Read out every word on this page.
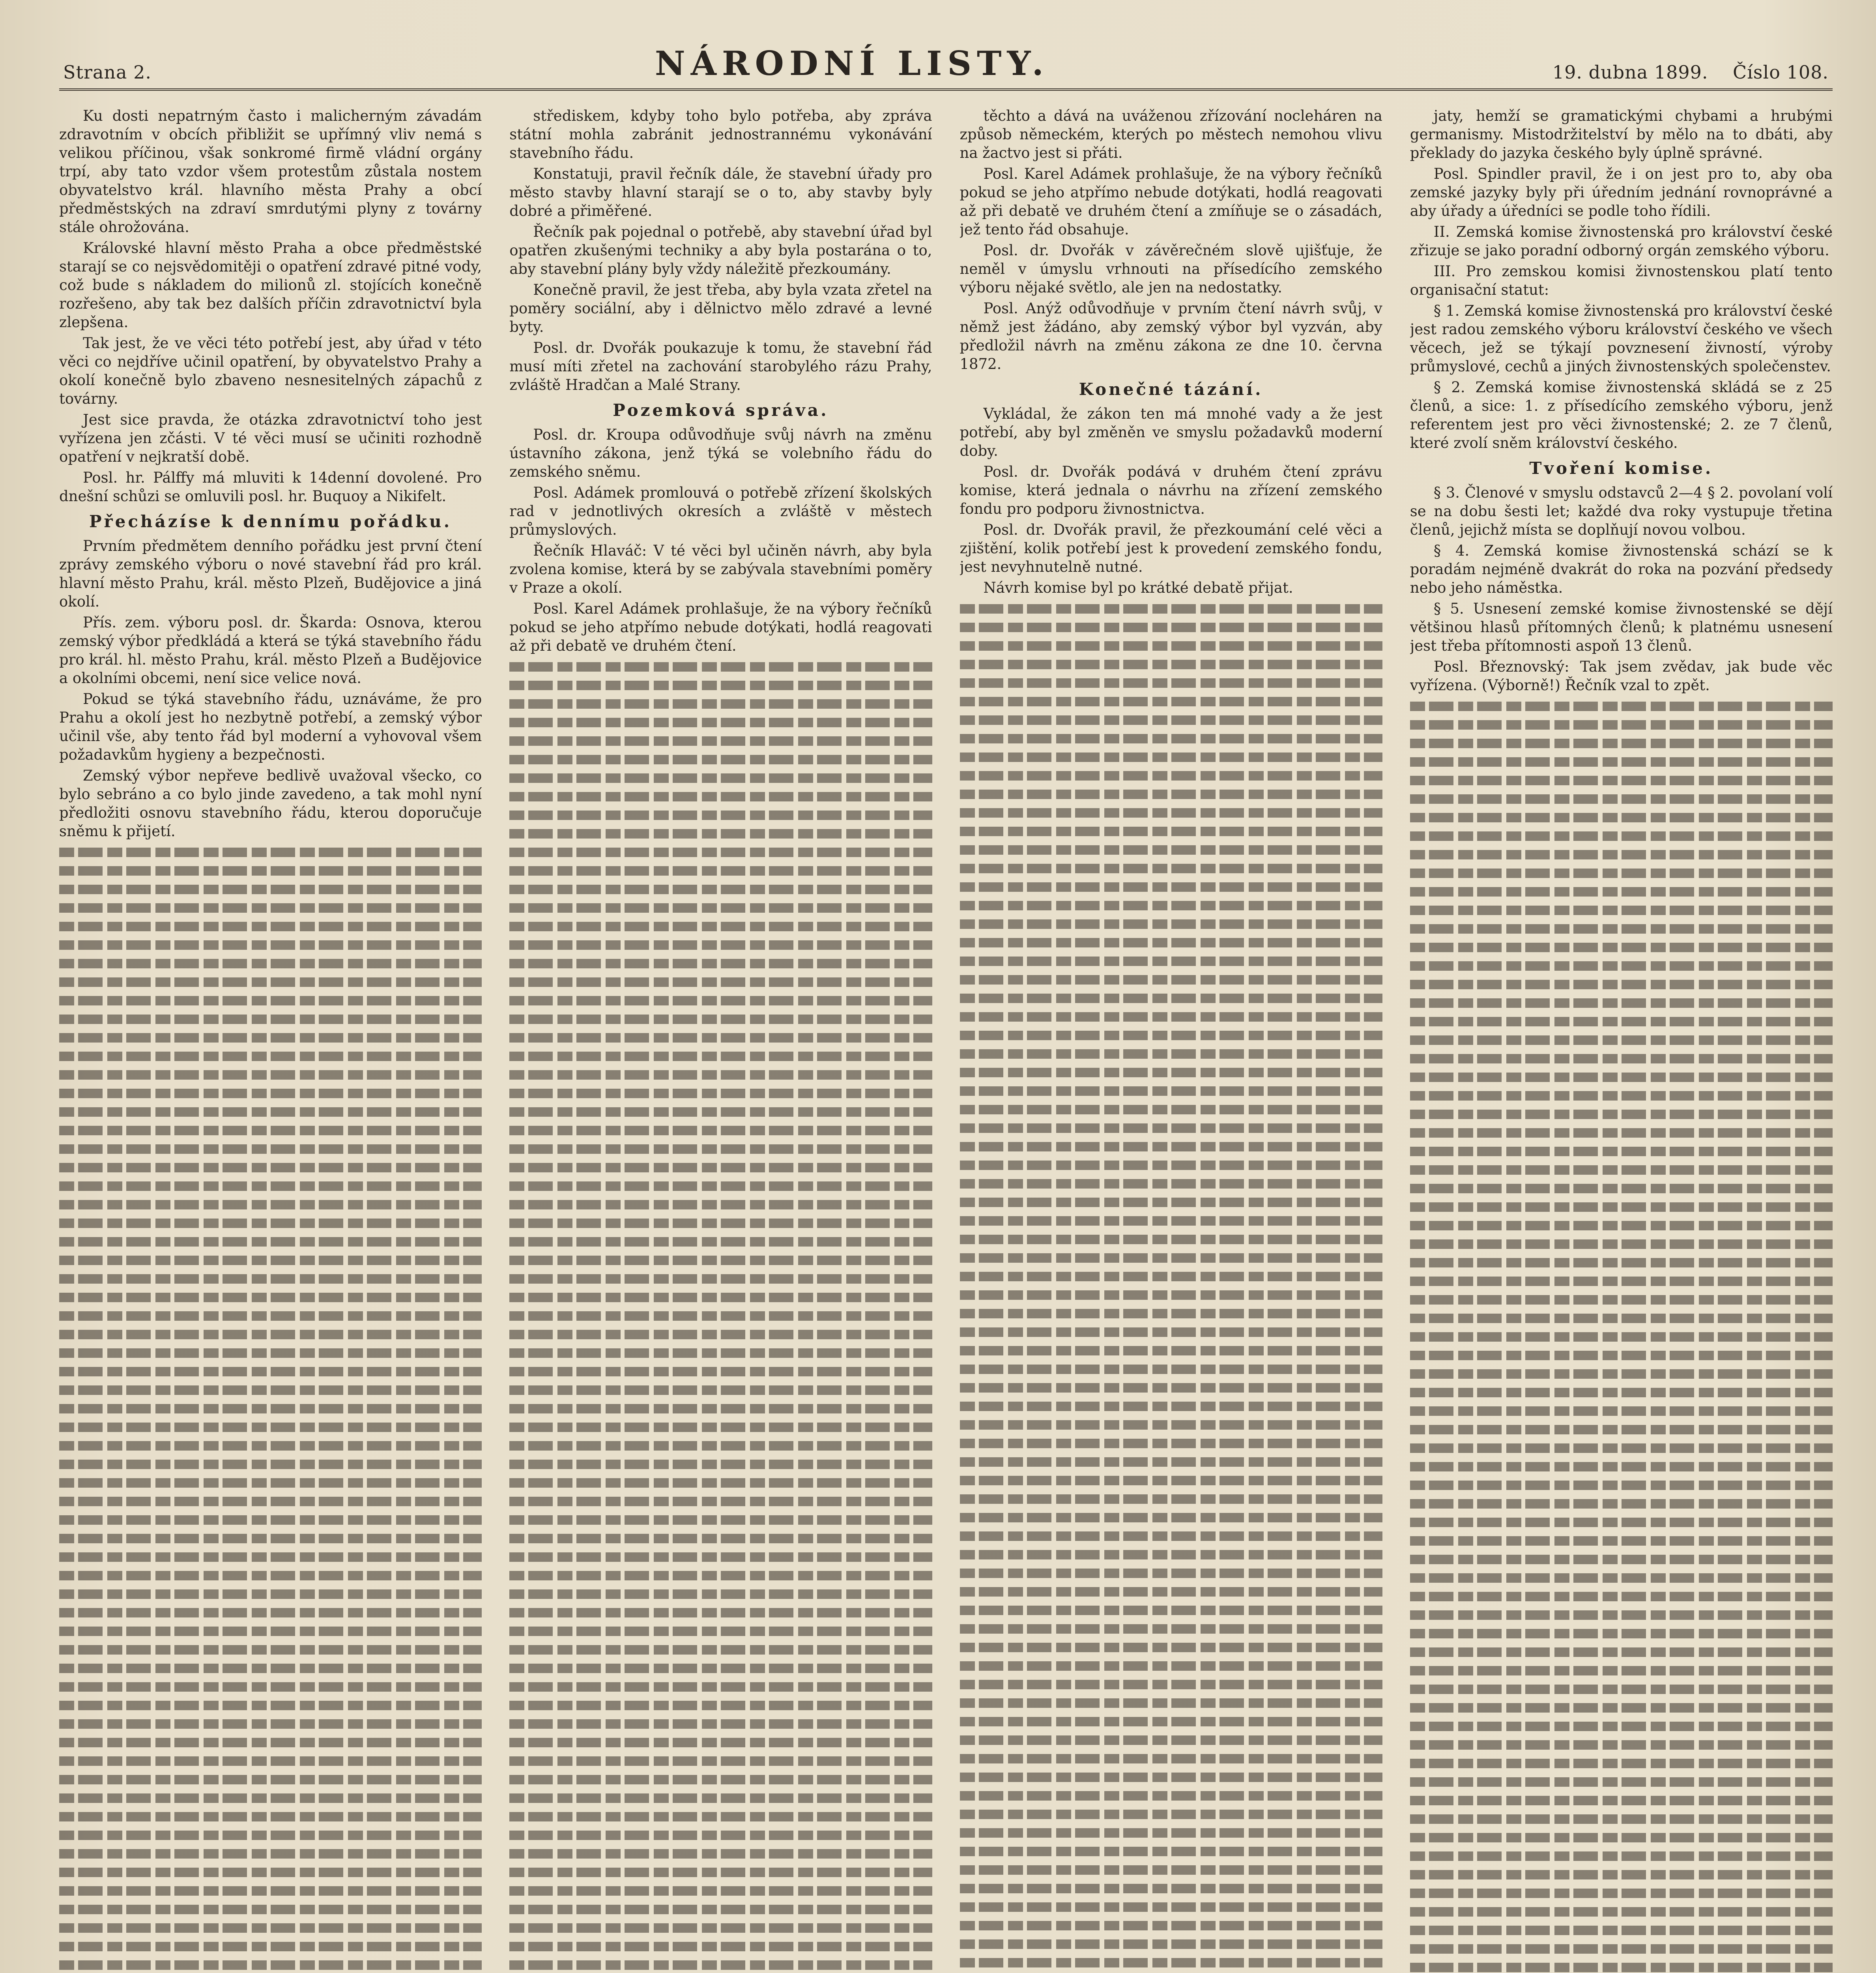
Strana 2.	NÁRODNÍ LISTY.	19. dubna 1899. Číslo 108.

Ku dosti nepatrným často i malicherným závadám zdravotním v obcích přibližit se upřímný vliv nemá s velikou příčinou, však sonkromé firmě vládní orgány trpí, aby tato vzdor všem protestům zůstala nostem obyvatelstvo král. hlavního města Prahy a obcí předměstských na zdraví smrdutými plyny z továrny stále ohrožována.

Královské hlavní město Praha a obce předměstské starají se co nejsvědomitěji o opatření zdravé pitné vody, což bude s nákladem do milionů zl. stojících konečně rozřešeno, aby tak bez dalších příčin zdravotnictví byla zlepšena.

Tak jest, že ve věci této potřebí jest, aby úřad v této věci co nejdříve učinil opatření, by obyvatelstvo Prahy a okolí konečně bylo zbaveno nesnesitelných zápachů z továrny.

Jest sice pravda, že otázka zdravotnictví toho jest vyřízena jen zčásti. V té věci musí se učiniti rozhodně opatření v nejkratší době.

Posl. hr. Pálffy má mluviti k 14denní dovolené. Pro dnešní schůzi se omluvili posl. hr. Buquoy a Nikifelt.

Přecházíse k dennímu pořádku.

Prvním předmětem denního pořádku jest první čtení zprávy zemského výboru o nové stavební řád pro král. hlavní město Prahu, král. město Plzeň, Budějovice a jiná okolí.

Přís. zem. výboru posl. dr. Škarda: Osnova, kterou zemský výbor předkládá a která se týká stavebního řádu pro král. hl. město Prahu, král. město Plzeň a Budějovice a okolními obcemi, není sice velice nová.

Pokud se týká stavebního řádu, uznáváme, že pro Prahu a okolí jest ho nezbytně potřebí, a zemský výbor učinil vše, aby tento řád byl moderní a vyhovoval všem požadavkům hygieny a bezpečnosti.

Zemský výbor nepřeve bedlivě uvažoval všecko, co bylo sebráno a co bylo jinde zavedeno, a tak mohl nyní předložiti osnovu stavebního řádu, kterou doporučuje sněmu k přijetí.

střediskem, kdyby toho bylo potřeba, aby zpráva státní mohla zabránit jednostrannému vykonávání stavebního řádu.

Konstatuji, pravil řečník dále, že stavební úřady pro město stavby hlavní starají se o to, aby stavby byly dobré a přiměřené.

Řečník pak pojednal o potřebě, aby stavební úřad byl opatřen zkušenými techniky a aby byla postarána o to, aby stavební plány byly vždy náležitě přezkoumány.

Konečně pravil, že jest třeba, aby byla vzata zřetel na poměry sociální, aby i dělnictvo mělo zdravé a levné byty.

Posl. dr. Dvořák poukazuje k tomu, že stavební řád musí míti zřetel na zachování starobylého rázu Prahy, zvláště Hradčan a Malé Strany.

Pozemková správa.

Posl. dr. Kroupa odůvodňuje svůj návrh na změnu ústavního zákona, jenž týká se volebního řádu do zemského sněmu.

Posl. Adámek promlouvá o potřebě zřízení školských rad v jednotlivých okresích a zvláště v městech průmyslových.

Řečník Hlaváč: V té věci byl učiněn návrh, aby byla zvolena komise, která by se zabývala stavebními poměry v Praze a okolí.

Posl. Karel Adámek prohlašuje, že na výbory řečníků pokud se jeho atpřímo nebude dotýkati, hodlá reagovati až při debatě ve druhém čtení.

těchto a dává na uváženou zřízování nocleháren na způsob německém, kterých po městech nemohou vlivu na žactvo jest si přáti.

Posl. Karel Adámek prohlašuje, že na výbory řečníků pokud se jeho atpřímo nebude dotýkati, hodlá reagovati až při debatě ve druhém čtení a zmíňuje se o zásadách, jež tento řád obsahuje.

Posl. dr. Dvořák v závěrečném slově ujišťuje, že neměl v úmyslu vrhnouti na přísedícího zemského výboru nějaké světlo, ale jen na nedostatky.

Posl. Anýž odůvodňuje v prvním čtení návrh svůj, v němž jest žádáno, aby zemský výbor byl vyzván, aby předložil návrh na změnu zákona ze dne 10. června 1872.

Konečné tázání.

Vykládal, že zákon ten má mnohé vady a že jest potřebí, aby byl změněn ve smyslu požadavků moderní doby.

Posl. dr. Dvořák podává v druhém čtení zprávu komise, která jednala o návrhu na zřízení zemského fondu pro podporu živnostnictva.

Posl. dr. Dvořák pravil, že přezkoumání celé věci a zjištění, kolik potřebí jest k provedení zemského fondu, jest nevyhnutelně nutné.

Návrh komise byl po krátké debatě přijat.

jaty, hemží se gramatickými chybami a hrubými germanismy. Mistodržitelství by mělo na to dbáti, aby překlady do jazyka českého byly úplně správné.

Posl. Spindler pravil, že i on jest pro to, aby oba zemské jazyky byly při úředním jednání rovnoprávné a aby úřady a úředníci se podle toho řídili.

II. Zemská komise živnostenská pro království české zřizuje se jako poradní odborný orgán zemského výboru.

III. Pro zemskou komisi živnostenskou platí tento organisační statut:

§ 1. Zemská komise živnostenská pro království české jest radou zemského výboru království českého ve všech věcech, jež se týkají povznesení živností, výroby průmyslové, cechů a jiných živnostenských společenstev.

§ 2. Zemská komise živnostenská skládá se z 25 členů, a sice: 1. z přísedícího zemského výboru, jenž referentem jest pro věci živnostenské; 2. ze 7 členů, které zvolí sněm království českého.

Tvoření komise.

§ 3. Členové v smyslu odstavců 2—4 § 2. povolaní volí se na dobu šesti let; každé dva roky vystupuje třetina členů, jejichž místa se doplňují novou volbou.

§ 4. Zemská komise živnostenská schází se k poradám nejméně dvakrát do roka na pozvání předsedy nebo jeho náměstka.

§ 5. Usnesení zemské komise živnostenské se dějí většinou hlasů přítomných členů; k platnému usnesení jest třeba přítomnosti aspoň 13 členů.

Posl. Březnovský: Tak jsem zvědav, jak bude věc vyřízena. (Výborně!) Řečník vzal to zpět.
